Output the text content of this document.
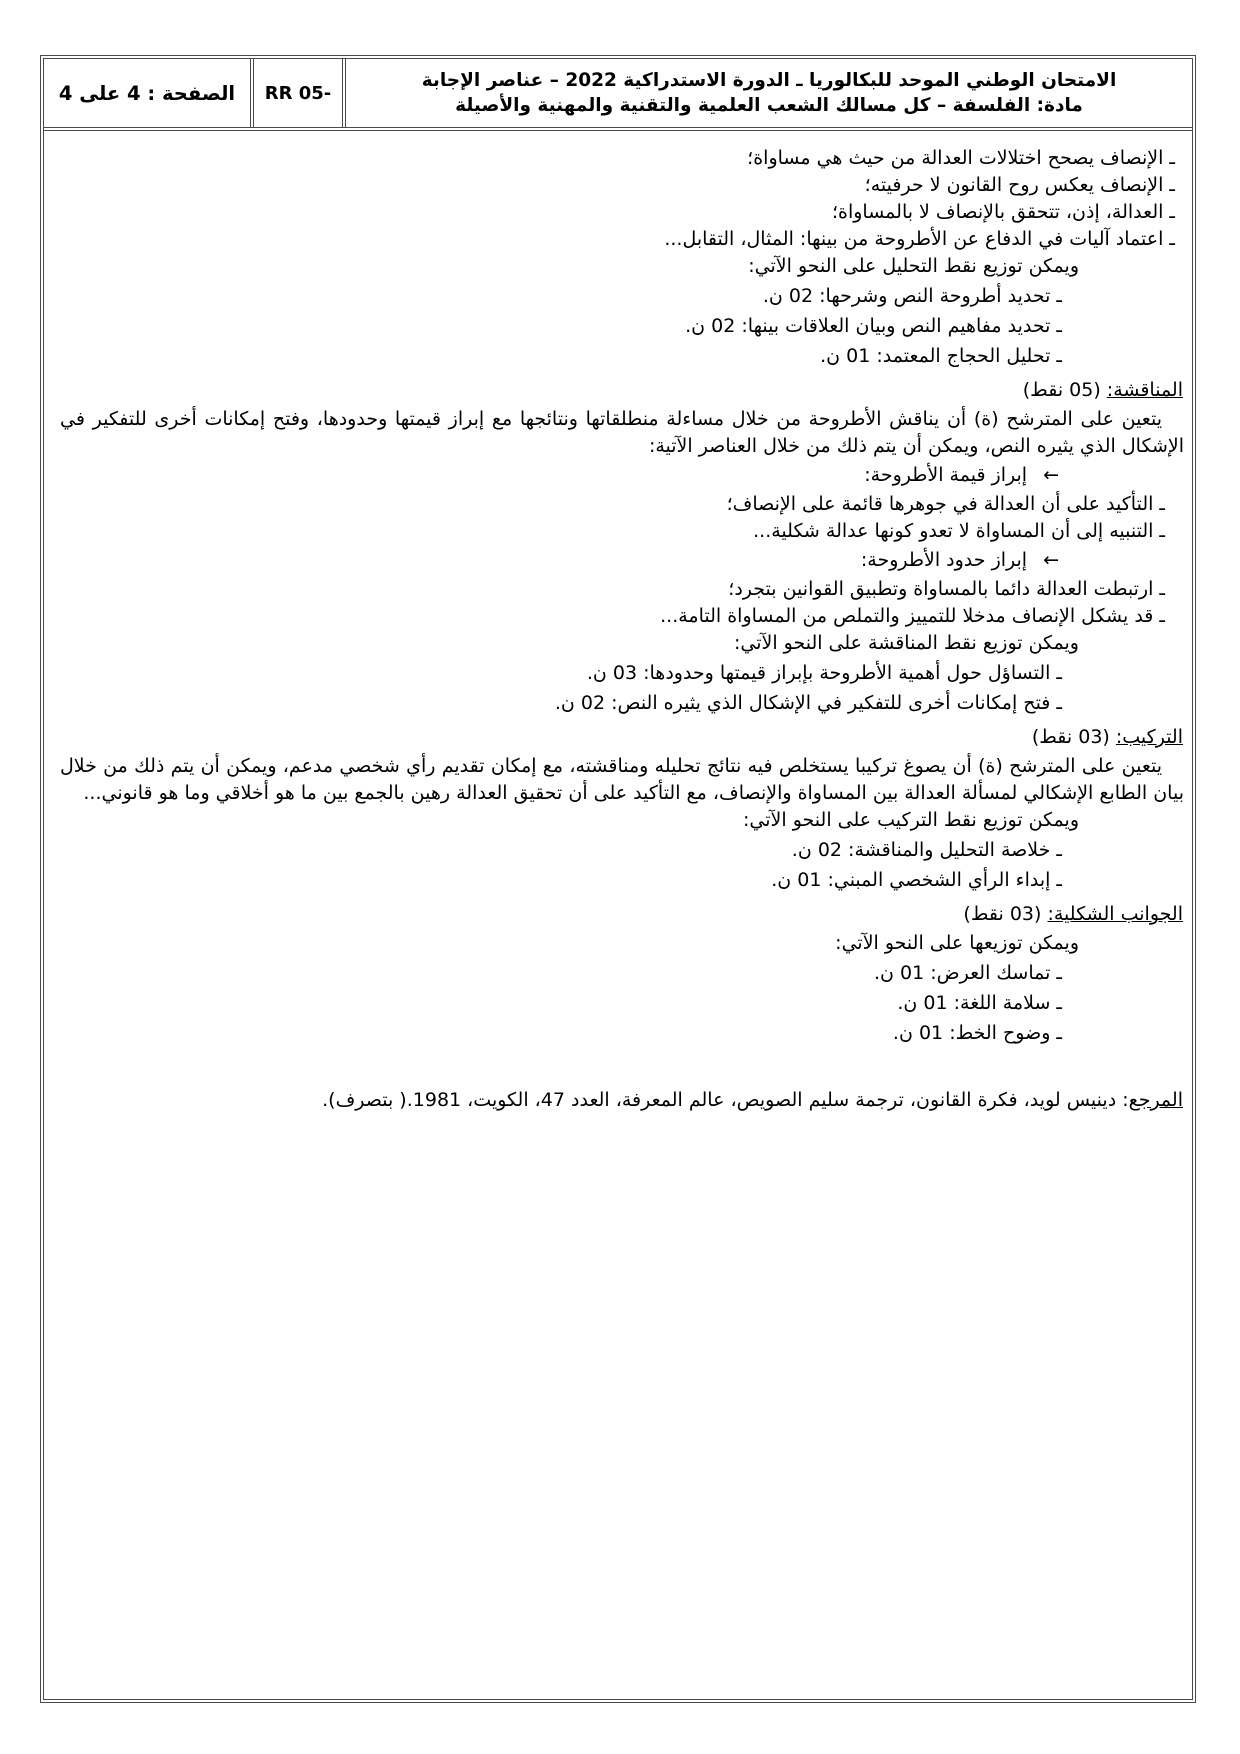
الامتحان الوطني الموحد للبكالوريا ـ الدورة الاستدراكية 2022 – عناصر الإجابة
مادة: الفلسفة – كل مسالك الشعب العلمية والتقنية والمهنية والأصيلة
RR 05-
الصفحة : 4 على 4
ـ الإنصاف يصحح اختلالات العدالة من حيث هي مساواة؛
ـ الإنصاف يعكس روح القانون لا حرفيته؛
ـ العدالة، إذن، تتحقق بالإنصاف لا بالمساواة؛
ـ اعتماد آليات في الدفاع عن الأطروحة من بينها: المثال، التقابل...
ويمكن توزيع نقط التحليل على النحو الآتي:
ـ تحديد أطروحة النص وشرحها: 02 ن.
ـ تحديد مفاهيم النص وبيان العلاقات بينها: 02 ن.
ـ تحليل الحجاج المعتمد: 01 ن.
المناقشة: (05 نقط)
يتعين على المترشح (ة) أن يناقش الأطروحة من خلال مساءلة منطلقاتها ونتائجها مع إبراز قيمتها وحدودها، وفتح إمكانات أخرى للتفكير في الإشكال الذي يثيره النص، ويمكن أن يتم ذلك من خلال العناصر الآتية:
←إبراز قيمة الأطروحة:
ـ التأكيد على أن العدالة في جوهرها قائمة على الإنصاف؛
ـ التنبيه إلى أن المساواة لا تعدو كونها عدالة شكلية...
←إبراز حدود الأطروحة:
ـ ارتبطت العدالة دائما بالمساواة وتطبيق القوانين بتجرد؛
ـ قد يشكل الإنصاف مدخلا للتمييز والتملص من المساواة التامة...
ويمكن توزيع نقط المناقشة على النحو الآتي:
ـ التساؤل حول أهمية الأطروحة بإبراز قيمتها وحدودها: 03 ن.
ـ فتح إمكانات أخرى للتفكير في الإشكال الذي يثيره النص: 02 ن.
التركيب: (03 نقط)
يتعين على المترشح (ة) أن يصوغ تركيبا يستخلص فيه نتائج تحليله ومناقشته، مع إمكان تقديم رأي شخصي مدعم، ويمكن أن يتم ذلك من خلال بيان الطابع الإشكالي لمسألة العدالة بين المساواة والإنصاف، مع التأكيد على أن تحقيق العدالة رهين بالجمع بين ما هو أخلاقي وما هو قانوني...
ويمكن توزيع نقط التركيب على النحو الآتي:
ـ خلاصة التحليل والمناقشة: 02 ن.
ـ إبداء الرأي الشخصي المبني: 01 ن.
الجوانب الشكلية: (03 نقط)
ويمكن توزيعها على النحو الآتي:
ـ تماسك العرض: 01 ن.
ـ سلامة اللغة: 01 ن.
ـ وضوح الخط: 01 ن.
المرجع: دينيس لويد، فكرة القانون، ترجمة سليم الصويص، عالم المعرفة، العدد 47، الكويت، 1981.( بتصرف).
